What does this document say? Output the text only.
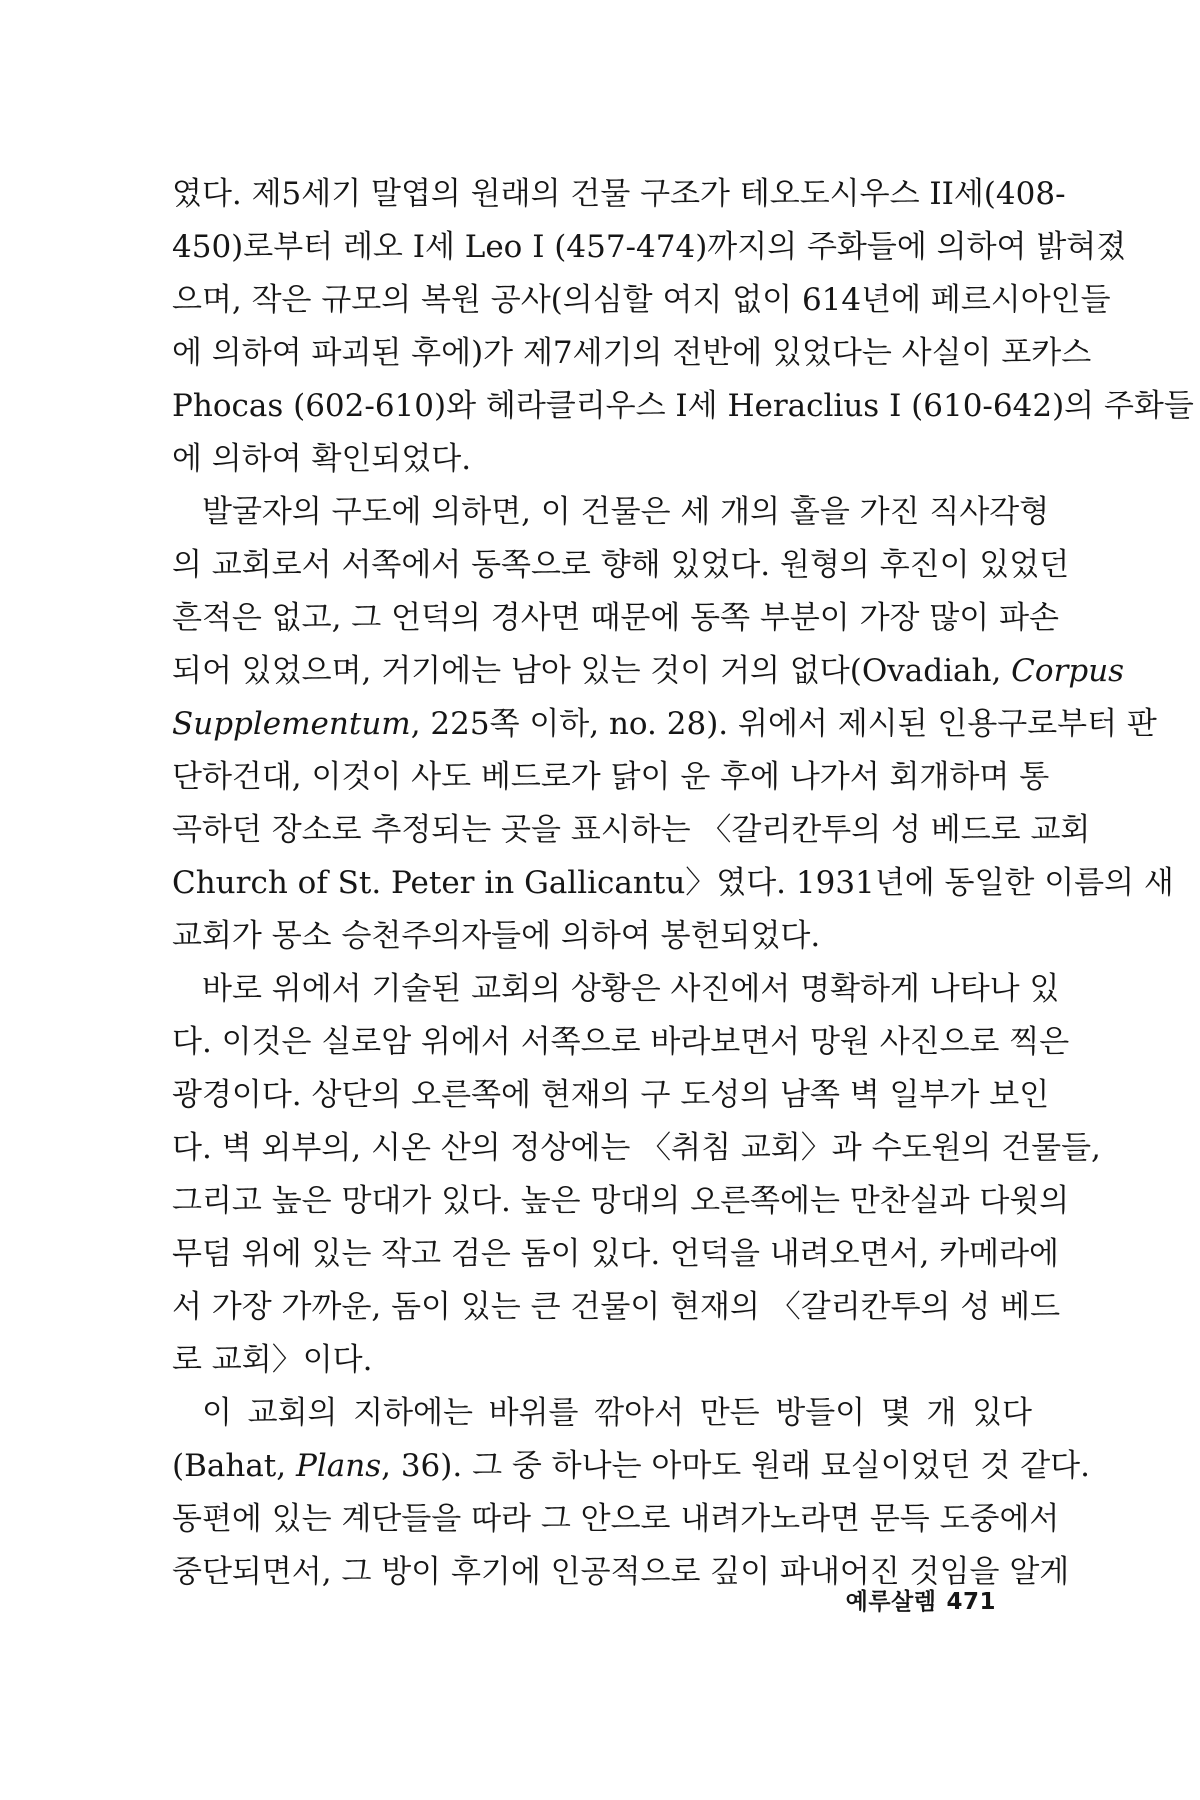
였다. 제5세기 말엽의 원래의 건물 구조가 테오도시우스 II세(408-
450)로부터 레오 I세 Leo I (457-474)까지의 주화들에 의하여 밝혀졌
으며, 작은 규모의 복원 공사(의심할 여지 없이 614년에 페르시아인들
에 의하여 파괴된 후에)가 제7세기의 전반에 있었다는 사실이 포카스
Phocas (602-610)와 헤라클리우스 I세 Heraclius I (610-642)의 주화들
에 의하여 확인되었다.

발굴자의 구도에 의하면, 이 건물은 세 개의 홀을 가진 직사각형
의 교회로서 서쪽에서 동쪽으로 향해 있었다. 원형의 후진이 있었던
흔적은 없고, 그 언덕의 경사면 때문에 동쪽 부분이 가장 많이 파손
되어 있었으며, 거기에는 남아 있는 것이 거의 없다(Ovadiah, Corpus
Supplementum, 225쪽 이하, no. 28). 위에서 제시된 인용구로부터 판
단하건대, 이것이 사도 베드로가 닭이 운 후에 나가서 회개하며 통
곡하던 장소로 추정되는 곳을 표시하는 〈갈리칸투의 성 베드로 교회
Church of St. Peter in Gallicantu〉였다. 1931년에 동일한 이름의 새
교회가 몽소 승천주의자들에 의하여 봉헌되었다.

바로 위에서 기술된 교회의 상황은 사진에서 명확하게 나타나 있
다. 이것은 실로암 위에서 서쪽으로 바라보면서 망원 사진으로 찍은
광경이다. 상단의 오른쪽에 현재의 구 도성의 남쪽 벽 일부가 보인
다. 벽 외부의, 시온 산의 정상에는 〈취침 교회〉과 수도원의 건물들,
그리고 높은 망대가 있다. 높은 망대의 오른쪽에는 만찬실과 다윗의
무덤 위에 있는 작고 검은 돔이 있다. 언덕을 내려오면서, 카메라에
서 가장 가까운, 돔이 있는 큰 건물이 현재의 〈갈리칸투의 성 베드
로 교회〉이다.

이 교회의 지하에는 바위를 깎아서 만든 방들이 몇 개 있다
(Bahat, Plans, 36). 그 중 하나는 아마도 원래 묘실이었던 것 같다.
동편에 있는 계단들을 따라 그 안으로 내려가노라면 문득 도중에서
중단되면서, 그 방이 후기에 인공적으로 깊이 파내어진 것임을 알게

예루살렘 471
